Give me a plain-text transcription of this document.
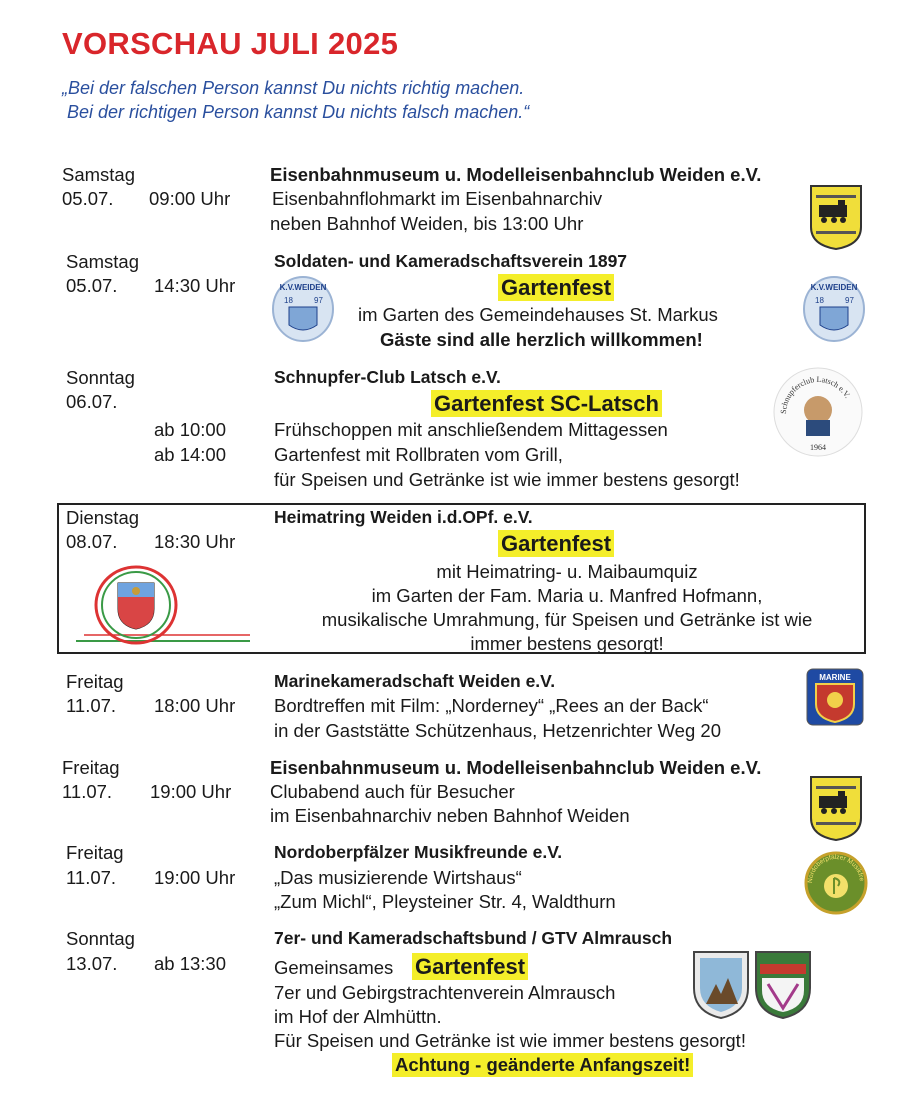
VORSCHAU JULI 2025
„Bei der falschen Person kannst Du nichts richtig machen.
Bei der richtigen Person kannst Du nichts falsch machen.“
Samstag
05.07. 09:00 Uhr
Eisenbahnmuseum u. Modelleisenbahnclub Weiden e.V.
Eisenbahnflohmarkt im Eisenbahnarchiv
neben Bahnhof Weiden, bis 13:00 Uhr
Samstag
05.07. 14:30 Uhr
Soldaten- und Kameradschaftsverein 1897
Gartenfest
im Garten des Gemeindehauses St. Markus
Gäste sind alle herzlich willkommen!
K.V.WEIDEN
18	97
K.V.WEIDEN
18	97
Sonntag
06.07.
ab 10:00
ab 14:00
Schnupfer-Club Latsch e.V.
Gartenfest SC-Latsch
Frühschoppen mit anschließendem Mittagessen
Gartenfest mit Rollbraten vom Grill,
für Speisen und Getränke ist wie immer bestens gesorgt!
Schnupferclub Latsch e.V.
1964
Dienstag
08.07. 18:30 Uhr
Heimatring Weiden i.d.OPf. e.V.
Gartenfest
mit Heimatring- u. Maibaumquiz
im Garten der Fam. Maria u. Manfred Hofmann,
musikalische Umrahmung, für Speisen und Getränke ist wie
immer bestens gesorgt!
Freitag
11.07. 18:00 Uhr
Marinekameradschaft Weiden e.V.
Bordtreffen mit Film: „Norderney“ „Rees an der Back“
in der Gaststätte Schützenhaus, Hetzenrichter Weg 20
MARINE
Freitag
11.07. 19:00 Uhr
Eisenbahnmuseum u. Modelleisenbahnclub Weiden e.V.
Clubabend auch für Besucher
im Eisenbahnarchiv neben Bahnhof Weiden
Freitag
11.07. 19:00 Uhr
Nordoberpfälzer Musikfreunde e.V.
„Das musizierende Wirtshaus“
„Zum Michl“, Pleysteiner Str. 4, Waldthurn
Nordoberpfälzer Musikfre
Sonntag
13.07. ab 13:30
7er- und Kameradschaftsbund / GTV Almrausch
Gemeinsames Gartenfest
7er und Gebirgstrachtenverein Almrausch
im Hof der Almhüttn.
Für Speisen und Getränke ist wie immer bestens gesorgt!
Achtung - geänderte Anfangszeit!
